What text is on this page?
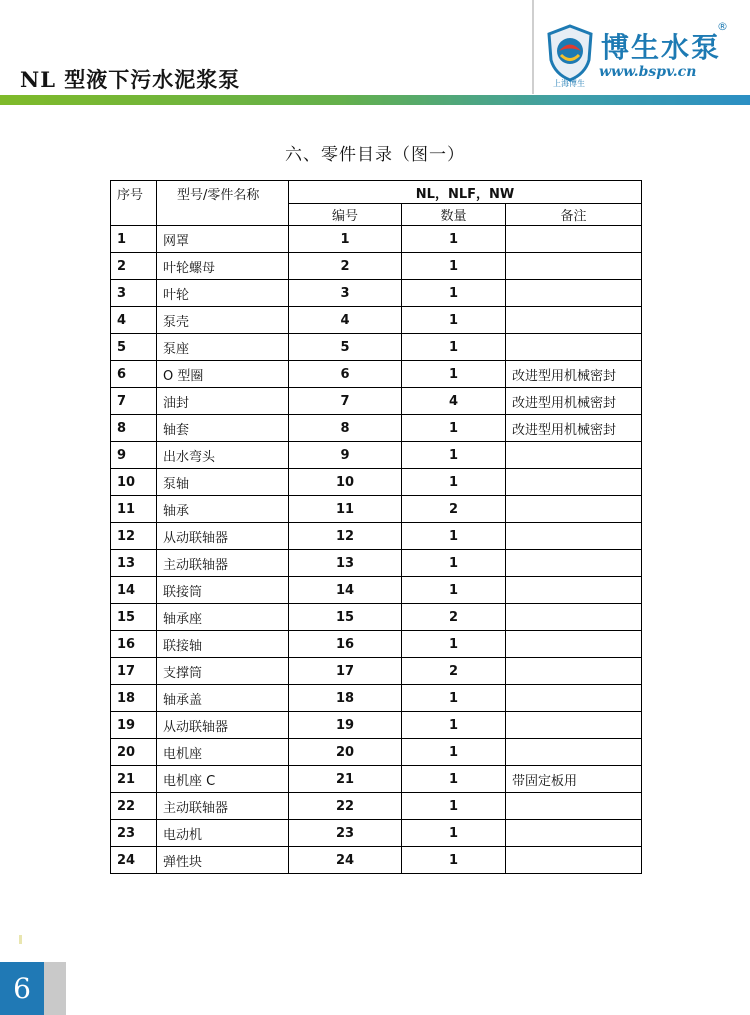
NL 型液下污水泥浆泵
博生水泵
®
www.bspv.cn
上海博生
六、零件目录（图一）
序号	型号/零件名称	NL，NLF，NW		
		编号	数量	备注
1	网罩	1	1	
2	叶轮螺母	2	1	
3	叶轮	3	1	
4	泵壳	4	1	
5	泵座	5	1	
6	O 型圈	6	1	改进型用机械密封
7	油封	7	4	改进型用机械密封
8	轴套	8	1	改进型用机械密封
9	出水弯头	9	1	
10	泵轴	10	1	
11	轴承	11	2	
12	从动联轴器	12	1	
13	主动联轴器	13	1	
14	联接筒	14	1	
15	轴承座	15	2	
16	联接轴	16	1	
17	支撑筒	17	2	
18	轴承盖	18	1	
19	从动联轴器	19	1	
20	电机座	20	1	
21	电机座 C	21	1	带固定板用
22	主动联轴器	22	1	
23	电动机	23	1	
24	弹性块	24	1	
6
